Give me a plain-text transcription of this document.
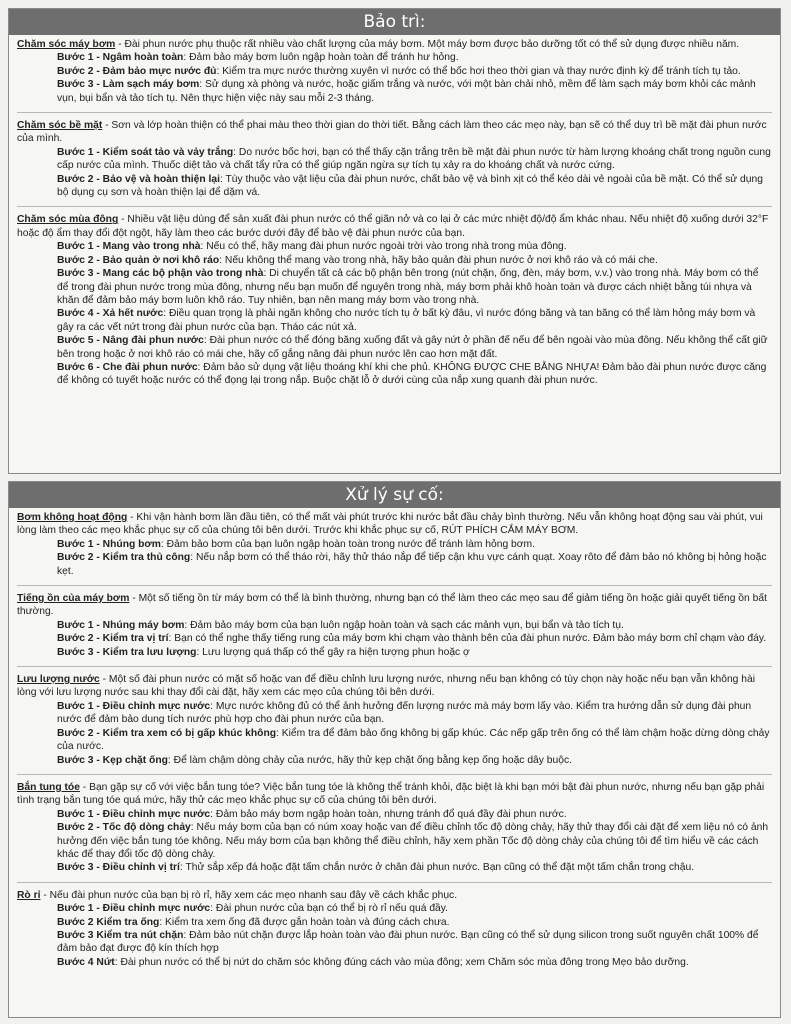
Bảo trì:

Chăm sóc máy bơm - Đài phun nước phụ thuộc rất nhiều vào chất lượng của máy bơm. Một máy bơm được bảo dưỡng tốt có thể sử dụng được nhiều năm.

Bước 1 - Ngâm hoàn toàn: Đảm bảo máy bơm luôn ngập hoàn toàn để tránh hư hỏng.

Bước 2 - Đảm bảo mực nước đủ: Kiểm tra mực nước thường xuyên vì nước có thể bốc hơi theo thời gian và thay nước định kỳ để tránh tích tụ tảo.

Bước 3 - Làm sạch máy bơm: Sử dụng xà phòng và nước, hoặc giấm trắng và nước, với một bàn chải nhỏ, mềm để làm sạch máy bơm khỏi các mảnh vụn, bụi bẩn và tảo tích tụ. Nên thực hiện việc này sau mỗi 2-3 tháng.

Chăm sóc bề mặt - Sơn và lớp hoàn thiện có thể phai màu theo thời gian do thời tiết. Bằng cách làm theo các mẹo này, bạn sẽ có thể duy trì bề mặt đài phun nước của mình.

Bước 1 - Kiểm soát tảo và vảy trắng: Do nước bốc hơi, bạn có thể thấy cặn trắng trên bề mặt đài phun nước từ hàm lượng khoáng chất trong nguồn cung cấp nước của mình. Thuốc diệt tảo và chất tẩy rửa có thể giúp ngăn ngừa sự tích tụ xảy ra do khoáng chất và nước cứng.

Bước 2 - Bảo vệ và hoàn thiện lại: Tùy thuộc vào vật liệu của đài phun nước, chất bảo vệ và bình xịt có thể kéo dài vẻ ngoài của bề mặt. Có thể sử dụng bộ dụng cụ sơn và hoàn thiện lại để dặm vá.

Chăm sóc mùa đông - Nhiều vật liệu dùng để sản xuất đài phun nước có thể giãn nở và co lại ở các mức nhiệt độ/độ ẩm khác nhau. Nếu nhiệt độ xuống dưới 32°F hoặc độ ẩm thay đổi đột ngột, hãy làm theo các bước dưới đây để bảo vệ đài phun nước của bạn.

Bước 1 - Mang vào trong nhà: Nếu có thể, hãy mang đài phun nước ngoài trời vào trong nhà trong mùa đông.

Bước 2 - Bảo quản ở nơi khô ráo: Nếu không thể mang vào trong nhà, hãy bảo quản đài phun nước ở nơi khô ráo và có mái che.

Bước 3 - Mang các bộ phận vào trong nhà: Di chuyển tất cả các bộ phận bên trong (nút chặn, ống, đèn, máy bơm, v.v.) vào trong nhà. Máy bơm có thể để trong đài phun nước trong mùa đông, nhưng nếu bạn muốn để nguyên trong nhà, máy bơm phải khô hoàn toàn và được cách nhiệt bằng túi nhựa và khăn để đảm bảo máy bơm luôn khô ráo. Tuy nhiên, bạn nên mang máy bơm vào trong nhà.

Bước 4 - Xả hết nước: Điều quan trọng là phải ngăn không cho nước tích tụ ở bất kỳ đâu, vì nước đóng băng và tan băng có thể làm hỏng máy bơm và gây ra các vết nứt trong đài phun nước của bạn. Tháo các nút xả.

Bước 5 - Nâng đài phun nước: Đài phun nước có thể đóng băng xuống đất và gây nứt ở phần đế nếu để bên ngoài vào mùa đông. Nếu không thể cất giữ bên trong hoặc ở nơi khô ráo có mái che, hãy cố gắng nâng đài phun nước lên cao hơn mặt đất.

Bước 6 - Che đài phun nước: Đảm bảo sử dụng vật liệu thoáng khí khi che phủ. KHÔNG ĐƯỢC CHE BẰNG NHỰA! Đảm bảo đài phun nước được căng để không có tuyết hoặc nước có thể đọng lại trong nắp. Buộc chặt lỗ ở dưới cùng của nắp xung quanh đài phun nước.

Xử lý sự cố:

Bơm không hoạt động - Khi vận hành bơm lần đầu tiên, có thể mất vài phút trước khi nước bắt đầu chảy bình thường. Nếu vẫn không hoạt động sau vài phút, vui lòng làm theo các mẹo khắc phục sự cố của chúng tôi bên dưới. Trước khi khắc phục sự cố, RÚT PHÍCH CẮM MÁY BƠM.

Bước 1 - Nhúng bơm: Đảm bảo bơm của bạn luôn ngập hoàn toàn trong nước để tránh làm hỏng bơm.

Bước 2 - Kiểm tra thủ công: Nếu nắp bơm có thể tháo rời, hãy thử tháo nắp để tiếp cận khu vực cánh quạt. Xoay rôto để đảm bảo nó không bị hỏng hoặc kẹt.

Tiếng ồn của máy bơm - Một số tiếng ồn từ máy bơm có thể là bình thường, nhưng bạn có thể làm theo các mẹo sau để giảm tiếng ồn hoặc giải quyết tiếng ồn bất thường.

Bước 1 - Nhúng máy bơm: Đảm bảo máy bơm của bạn luôn ngập hoàn toàn và sạch các mảnh vụn, bụi bẩn và tảo tích tụ.

Bước 2 - Kiểm tra vị trí: Bạn có thể nghe thấy tiếng rung của máy bơm khi chạm vào thành bên của đài phun nước. Đảm bảo máy bơm chỉ chạm vào đáy.

Bước 3 - Kiểm tra lưu lượng: Lưu lượng quá thấp có thể gây ra hiện tượng phun hoặc ợ

Lưu lượng nước - Một số đài phun nước có mặt số hoặc van để điều chỉnh lưu lượng nước, nhưng nếu bạn không có tùy chọn này hoặc nếu bạn vẫn không hài lòng với lưu lượng nước sau khi thay đổi cài đặt, hãy xem các mẹo của chúng tôi bên dưới.

Bước 1 - Điều chỉnh mực nước: Mực nước không đủ có thể ảnh hưởng đến lượng nước mà máy bơm lấy vào. Kiểm tra hướng dẫn sử dụng đài phun nước để đảm bảo dung tích nước phù hợp cho đài phun nước của bạn.

Bước 2 - Kiểm tra xem có bị gấp khúc không: Kiểm tra để đảm bảo ống không bị gấp khúc. Các nếp gấp trên ống có thể làm chậm hoặc dừng dòng chảy của nước.

Bước 3 - Kẹp chặt ống: Để làm chậm dòng chảy của nước, hãy thử kẹp chặt ống bằng kẹp ống hoặc dây buộc.

Bắn tung tóe - Bạn gặp sự cố với việc bắn tung tóe? Việc bắn tung tóe là không thể tránh khỏi, đặc biệt là khi bạn mới bật đài phun nước, nhưng nếu bạn gặp phải tình trạng bắn tung tóe quá mức, hãy thử các mẹo khắc phục sự cố của chúng tôi bên dưới.

Bước 1 - Điều chỉnh mực nước: Đảm bảo máy bơm ngập hoàn toàn, nhưng tránh đổ quá đầy đài phun nước.

Bước 2 - Tốc độ dòng chảy: Nếu máy bơm của bạn có núm xoay hoặc van để điều chỉnh tốc độ dòng chảy, hãy thử thay đổi cài đặt để xem liệu nó có ảnh hưởng đến việc bắn tung tóe không. Nếu máy bơm của bạn không thể điều chỉnh, hãy xem phần Tốc độ dòng chảy của chúng tôi để tìm hiểu về các cách khác để thay đổi tốc độ dòng chảy.

Bước 3 - Điều chỉnh vị trí: Thử sắp xếp đá hoặc đặt tấm chắn nước ở chân đài phun nước. Bạn cũng có thể đặt một tấm chắn trong chậu.

Rò rỉ - Nếu đài phun nước của bạn bị rò rỉ, hãy xem các mẹo nhanh sau đây về cách khắc phục.

Bước 1 - Điều chỉnh mực nước: Đài phun nước của bạn có thể bị rò rỉ nếu quá đầy.

Bước 2 Kiểm tra ống: Kiểm tra xem ống đã được gắn hoàn toàn và đúng cách chưa.

Bước 3 Kiểm tra nút chặn: Đảm bảo nút chặn được lắp hoàn toàn vào đài phun nước. Bạn cũng có thể sử dụng silicon trong suốt nguyên chất 100% để đảm bảo đạt được độ kín thích hợp

Bước 4 Nứt: Đài phun nước có thể bị nứt do chăm sóc không đúng cách vào mùa đông; xem Chăm sóc mùa đông trong Mẹo bảo dưỡng.
